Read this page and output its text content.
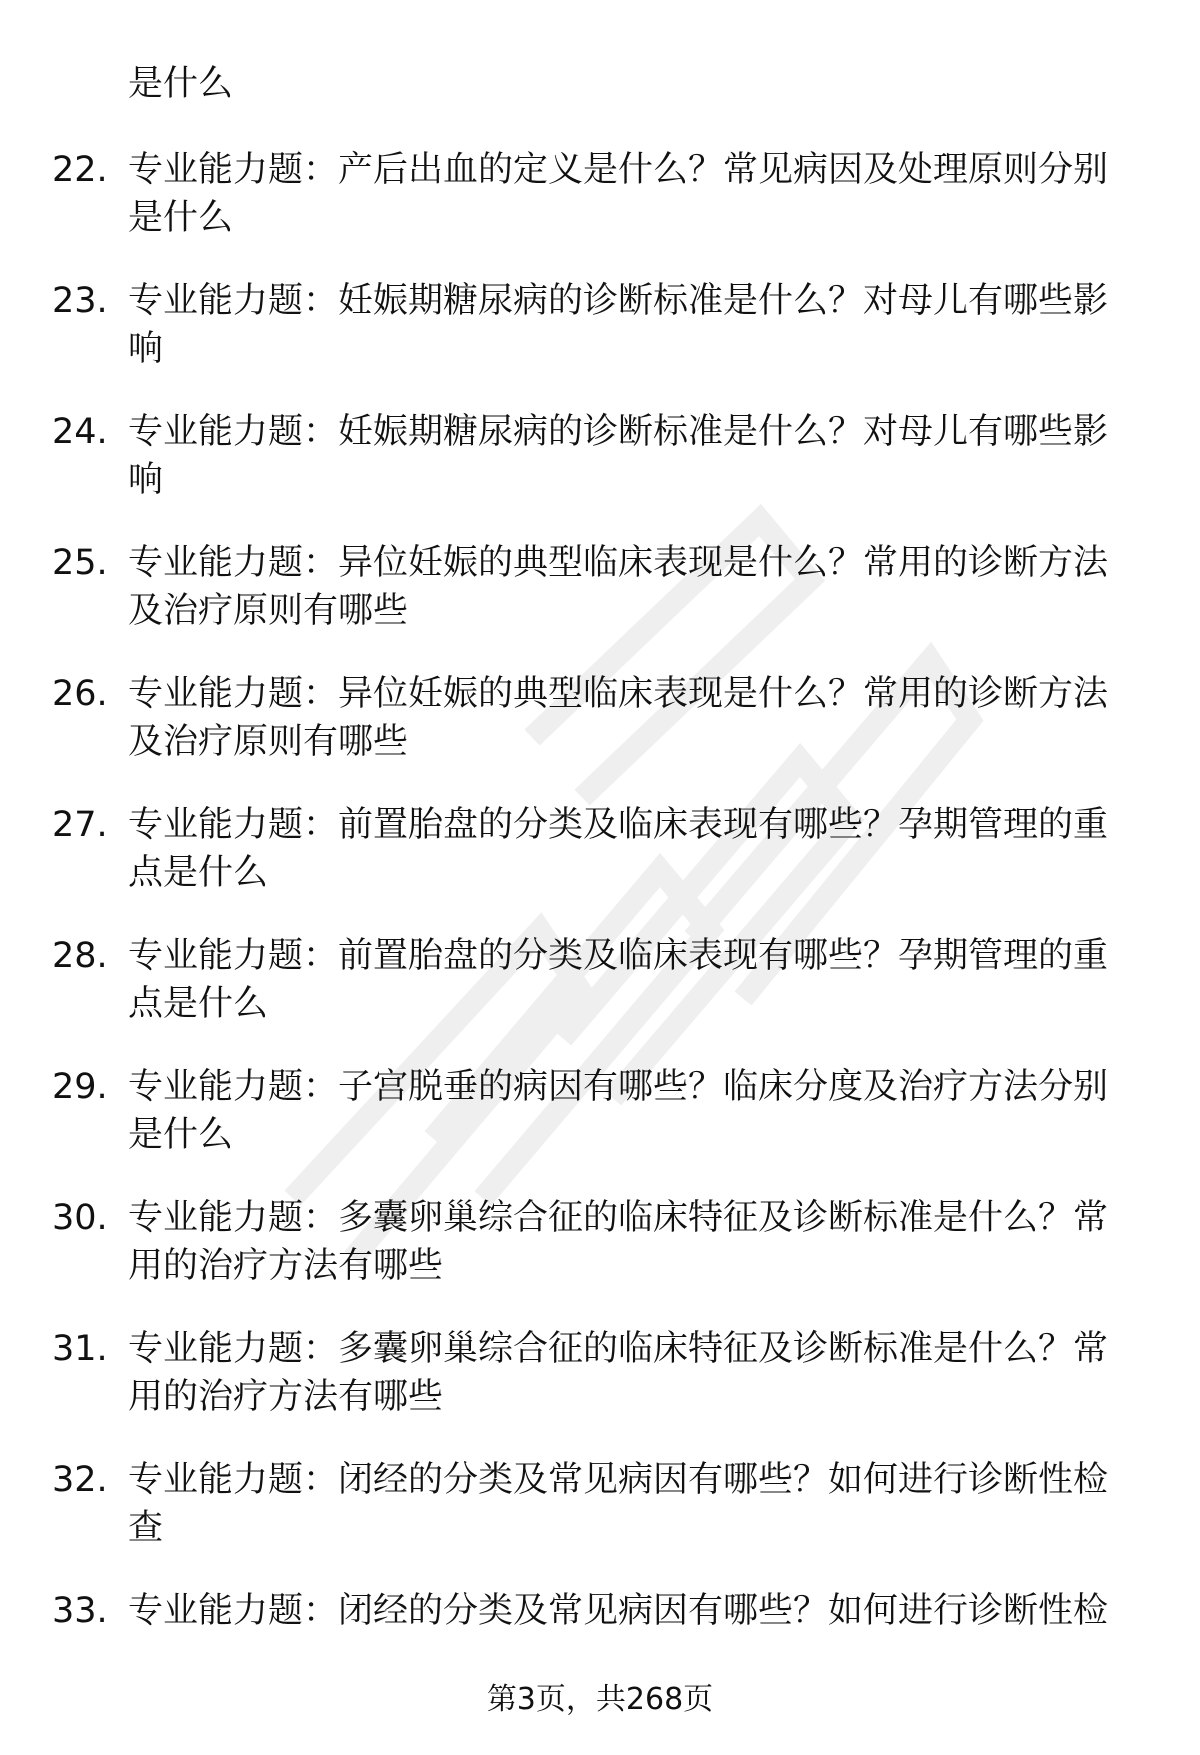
是什么

22. 专业能力题：产后出血的定义是什么？常见病因及处理原则分别是什么
23. 专业能力题：妊娠期糖尿病的诊断标准是什么？对母儿有哪些影响
24. 专业能力题：妊娠期糖尿病的诊断标准是什么？对母儿有哪些影响
25. 专业能力题：异位妊娠的典型临床表现是什么？常用的诊断方法及治疗原则有哪些
26. 专业能力题：异位妊娠的典型临床表现是什么？常用的诊断方法及治疗原则有哪些
27. 专业能力题：前置胎盘的分类及临床表现有哪些？孕期管理的重点是什么
28. 专业能力题：前置胎盘的分类及临床表现有哪些？孕期管理的重点是什么
29. 专业能力题：子宫脱垂的病因有哪些？临床分度及治疗方法分别是什么
30. 专业能力题：多囊卵巢综合征的临床特征及诊断标准是什么？常用的治疗方法有哪些
31. 专业能力题：多囊卵巢综合征的临床特征及诊断标准是什么？常用的治疗方法有哪些
32. 专业能力题：闭经的分类及常见病因有哪些？如何进行诊断性检查
33. 专业能力题：闭经的分类及常见病因有哪些？如何进行诊断性检
第3页，共268页
